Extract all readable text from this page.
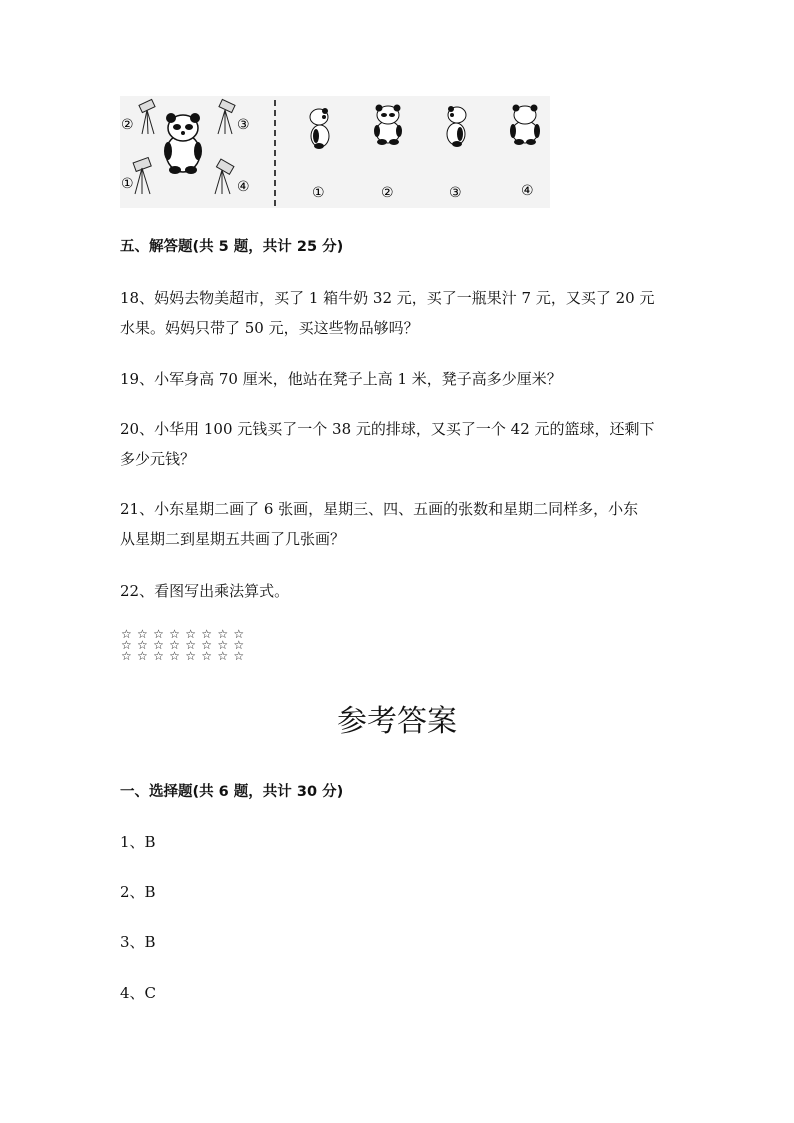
②	③
①	④	①	②	③	④
五、解答题(共 5 题，共计 25 分)
18、妈妈去物美超市，买了 1 箱牛奶 32 元，买了一瓶果汁 7 元，又买了 20 元
水果。妈妈只带了 50 元，买这些物品够吗？
19、小军身高 70 厘米，他站在凳子上高 1 米，凳子高多少厘米？
20、小华用 100 元钱买了一个 38 元的排球，又买了一个 42 元的篮球，还剩下
多少元钱？
21、小东星期二画了 6 张画，星期三、四、五画的张数和星期二同样多，小东
从星期二到星期五共画了几张画？
22、看图写出乘法算式。
☆☆☆☆☆☆☆☆
☆☆☆☆☆☆☆☆
☆☆☆☆☆☆☆☆
参考答案
一、选择题(共 6 题，共计 30 分)
1、B
2、B
3、B
4、C
